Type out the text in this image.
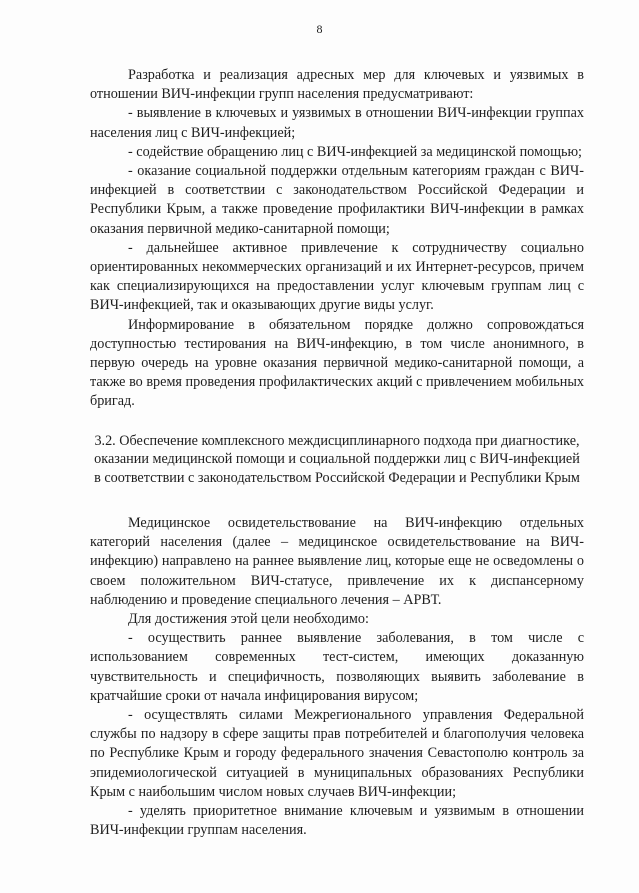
8

Разработка и реализация адресных мер для ключевых и уязвимых в отношении ВИЧ-инфекции групп населения предусматривают:

- выявление в ключевых и уязвимых в отношении ВИЧ-инфекции группах населения лиц с ВИЧ-инфекцией;

- содействие обращению лиц с ВИЧ-инфекцией за медицинской помощью;

- оказание социальной поддержки отдельным категориям граждан с ВИЧ-инфекцией в соответствии с законодательством Российской Федерации и Республики Крым, а также проведение профилактики ВИЧ-инфекции в рамках оказания первичной медико-санитарной помощи;

- дальнейшее активное привлечение к сотрудничеству социально ориентированных некоммерческих организаций и их Интернет-ресурсов, причем как специализирующихся на предоставлении услуг ключевым группам лиц с ВИЧ-инфекцией, так и оказывающих другие виды услуг.

Информирование в обязательном порядке должно сопровождаться доступностью тестирования на ВИЧ-инфекцию, в том числе анонимного, в первую очередь на уровне оказания первичной медико-санитарной помощи, а также во время проведения профилактических акций с привлечением мобильных бригад.

3.2. Обеспечение комплексного междисциплинарного подхода при диагностике, оказании медицинской помощи и социальной поддержки лиц с ВИЧ-инфекцией в соответствии с законодательством Российской Федерации и Республики Крым

Медицинское освидетельствование на ВИЧ-инфекцию отдельных категорий населения (далее – медицинское освидетельствование на ВИЧ-инфекцию) направлено на раннее выявление лиц, которые еще не осведомлены о своем положительном ВИЧ-статусе, привлечение их к диспансерному наблюдению и проведение специального лечения – АРВТ.

Для достижения этой цели необходимо:

- осуществить раннее выявление заболевания, в том числе с использованием современных тест-систем, имеющих доказанную чувствительность и специфичность, позволяющих выявить заболевание в кратчайшие сроки от начала инфицирования вирусом;

- осуществлять силами Межрегионального управления Федеральной службы по надзору в сфере защиты прав потребителей и благополучия человека по Республике Крым и городу федерального значения Севастополю контроль за эпидемиологической ситуацией в муниципальных образованиях Республики Крым с наибольшим числом новых случаев ВИЧ-инфекции;

- уделять приоритетное внимание ключевым и уязвимым в отношении ВИЧ-инфекции группам населения.
